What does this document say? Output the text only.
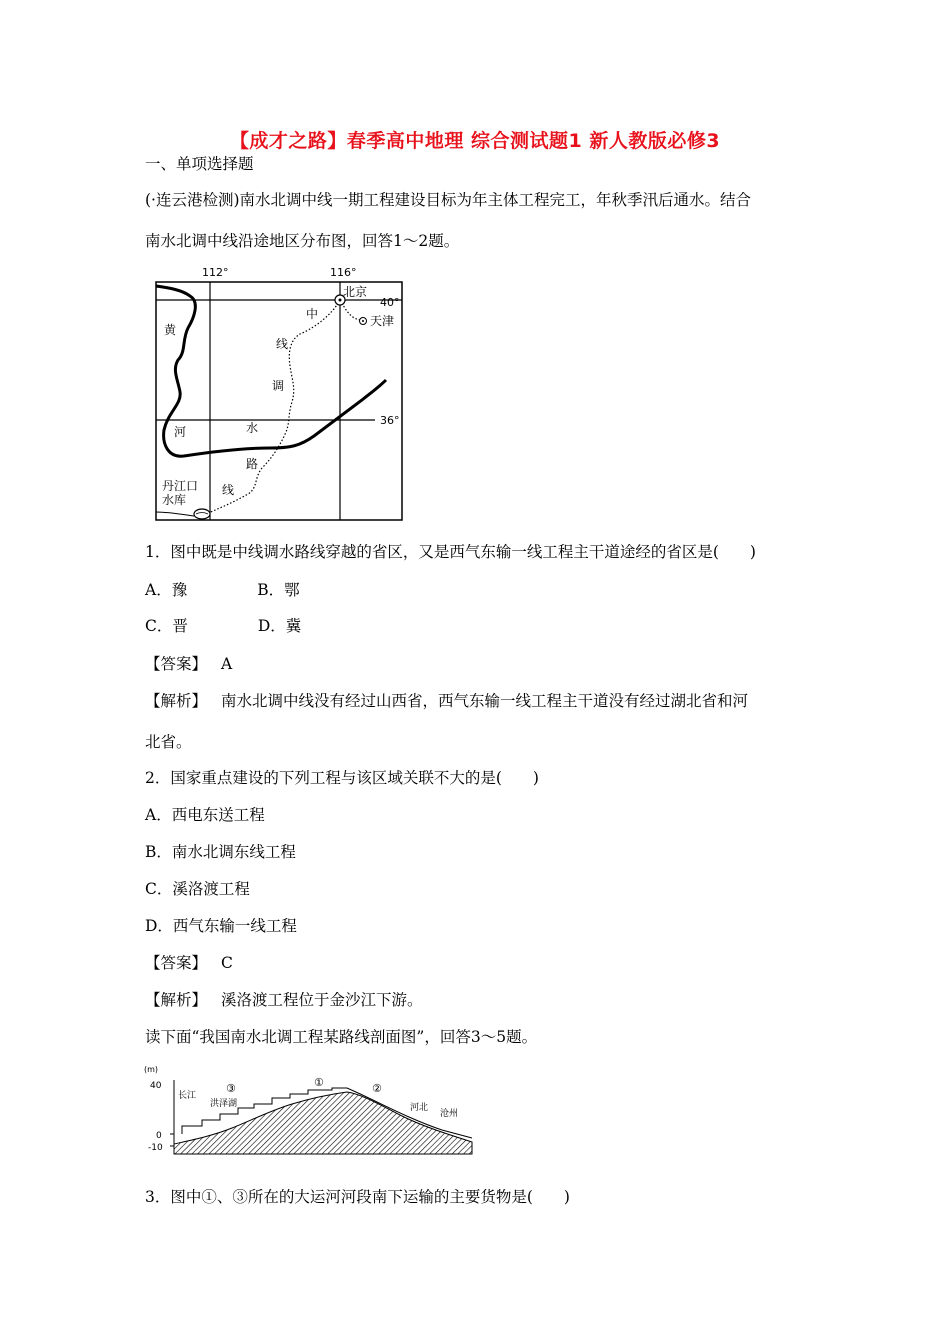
【成才之路】春季高中地理 综合测试题1 新人教版必修3
一、单项选择题
(·连云港检测)南水北调中线一期工程建设目标为年主体工程完工，年秋季汛后通水。结合
南水北调中线沿途地区分布图，回答1～2题。
112°	116°
40°
36°
北京
天津
黄
河
中
线
调
水
路
线
丹江口
水库
1．图中既是中线调水路线穿越的省区，又是西气东输一线工程主干道途经的省区是(　　)
A．豫	B．鄂
C．晋	D．冀
【答案】 A
【解析】 南水北调中线没有经过山西省，西气东输一线工程主干道没有经过湖北省和河
北省。
2．国家重点建设的下列工程与该区域关联不大的是(　　)
A．西电东送工程
B．南水北调东线工程
C．溪洛渡工程
D．西气东输一线工程
【答案】 C
【解析】 溪洛渡工程位于金沙江下游。
读下面“我国南水北调工程某路线剖面图”，回答3～5题。
(m)
40
0
-10
长江
③
洪泽湖
①	②
河北
沧州
3．图中①、③所在的大运河河段南下运输的主要货物是(　　)
